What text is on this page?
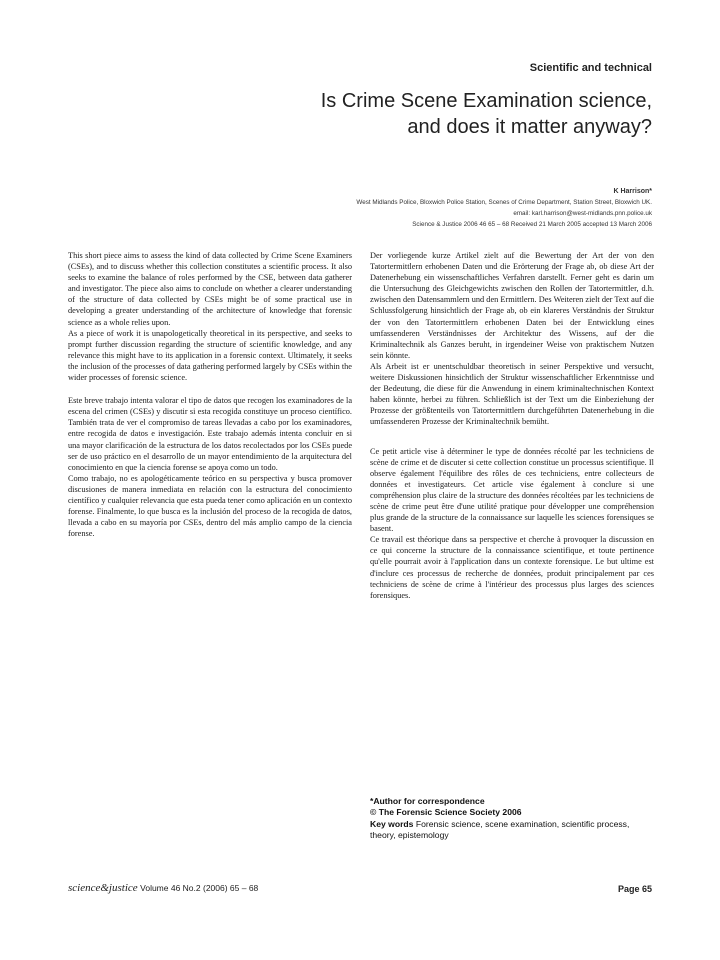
Scientific and technical
Is Crime Scene Examination science,
and does it matter anyway?
K Harrison*
West Midlands Police, Bloxwich Police Station, Scenes of Crime Department, Station Street, Bloxwich UK.
email: karl.harrison@west-midlands.pnn.police.uk
Science & Justice 2006 46 65 – 68 Received 21 March 2005 accepted 13 March 2006

This short piece aims to assess the kind of data collected by Crime Scene Examiners (CSEs), and to discuss whether this collection constitutes a scientific process. It also seeks to examine the balance of roles performed by the CSE, between data gatherer and investigator. The piece also aims to conclude on whether a clearer understanding of the structure of data collected by CSEs might be of some practical use in developing a greater understanding of the architecture of knowledge that forensic science as a whole relies upon.

As a piece of work it is unapologetically theoretical in its perspective, and seeks to prompt further discussion regarding the structure of scientific knowledge, and any relevance this might have to its application in a forensic context. Ultimately, it seeks the inclusion of the processes of data gathering performed largely by CSEs within the wider processes of forensic science.

Este breve trabajo intenta valorar el tipo de datos que recogen los examinadores de la escena del crimen (CSEs) y discutir si esta recogida constituye un proceso científico. También trata de ver el compromiso de tareas llevadas a cabo por los examinadores, entre recogida de datos e investigación. Este trabajo además intenta concluir en si una mayor clarificación de la estructura de los datos recolectados por los CSEs puede ser de uso práctico en el desarrollo de un mayor entendimiento de la arquitectura del conocimiento en que la ciencia forense se apoya como un todo.

Como trabajo, no es apologéticamente teórico en su perspectiva y busca promover discusiones de manera inmediata en relación con la estructura del conocimiento científico y cualquier relevancia que esta pueda tener como aplicación en un contexto forense. Finalmente, lo que busca es la inclusión del proceso de la recogida de datos, llevada a cabo en su mayoría por CSEs, dentro del más amplio campo de la ciencia forense.

Der vorliegende kurze Artikel zielt auf die Bewertung der Art der von den Tatortermittlern erhobenen Daten und die Erörterung der Frage ab, ob diese Art der Datenerhebung ein wissenschaftliches Verfahren darstellt. Ferner geht es darin um die Untersuchung des Gleichgewichts zwischen den Rollen der Tatortermittler, d.h. zwischen den Datensammlern und den Ermittlern. Des Weiteren zielt der Text auf die Schlussfolgerung hinsichtlich der Frage ab, ob ein klareres Verständnis der Struktur der von den Tatortermittlern erhobenen Daten bei der Entwicklung eines umfassenderen Verständnisses der Architektur des Wissens, auf der die Kriminaltechnik als Ganzes beruht, in irgendeiner Weise von praktischem Nutzen sein könnte.

Als Arbeit ist er unentschuldbar theoretisch in seiner Perspektive und versucht, weitere Diskussionen hinsichtlich der Struktur wissenschaftlicher Erkenntnisse und der Bedeutung, die diese für die Anwendung in einem kriminaltechnischen Kontext haben könnte, herbei zu führen. Schließlich ist der Text um die Einbeziehung der Prozesse der größtenteils von Tatortermittlern durchgeführten Datenerhebung in die umfassenderen Prozesse der Kriminaltechnik bemüht.

Ce petit article vise à déterminer le type de données récolté par les techniciens de scène de crime et de discuter si cette collection constitue un processus scientifique. Il observe également l'équilibre des rôles de ces techniciens, entre collecteurs de données et investigateurs. Cet article vise également à conclure si une compréhension plus claire de la structure des données récoltées par les techniciens de scène de crime peut être d'une utilité pratique pour développer une compréhension plus grande de la structure de la connaissance sur laquelle les sciences forensiques se basent.

Ce travail est théorique dans sa perspective et cherche à provoquer la discussion en ce qui concerne la structure de la connaissance scientifique, et toute pertinence qu'elle pourrait avoir à l'application dans un contexte forensique. Le but ultime est d'inclure ces processus de recherche de données, produit principalement par ces techniciens de scène de crime à l'intérieur des processus plus larges des sciences forensiques.

*Author for correspondence
© The Forensic Science Society 2006
Key words Forensic science, scene examination, scientific process, theory, epistemology
science&justice Volume 46 No.2 (2006) 65 – 68	Page 65
